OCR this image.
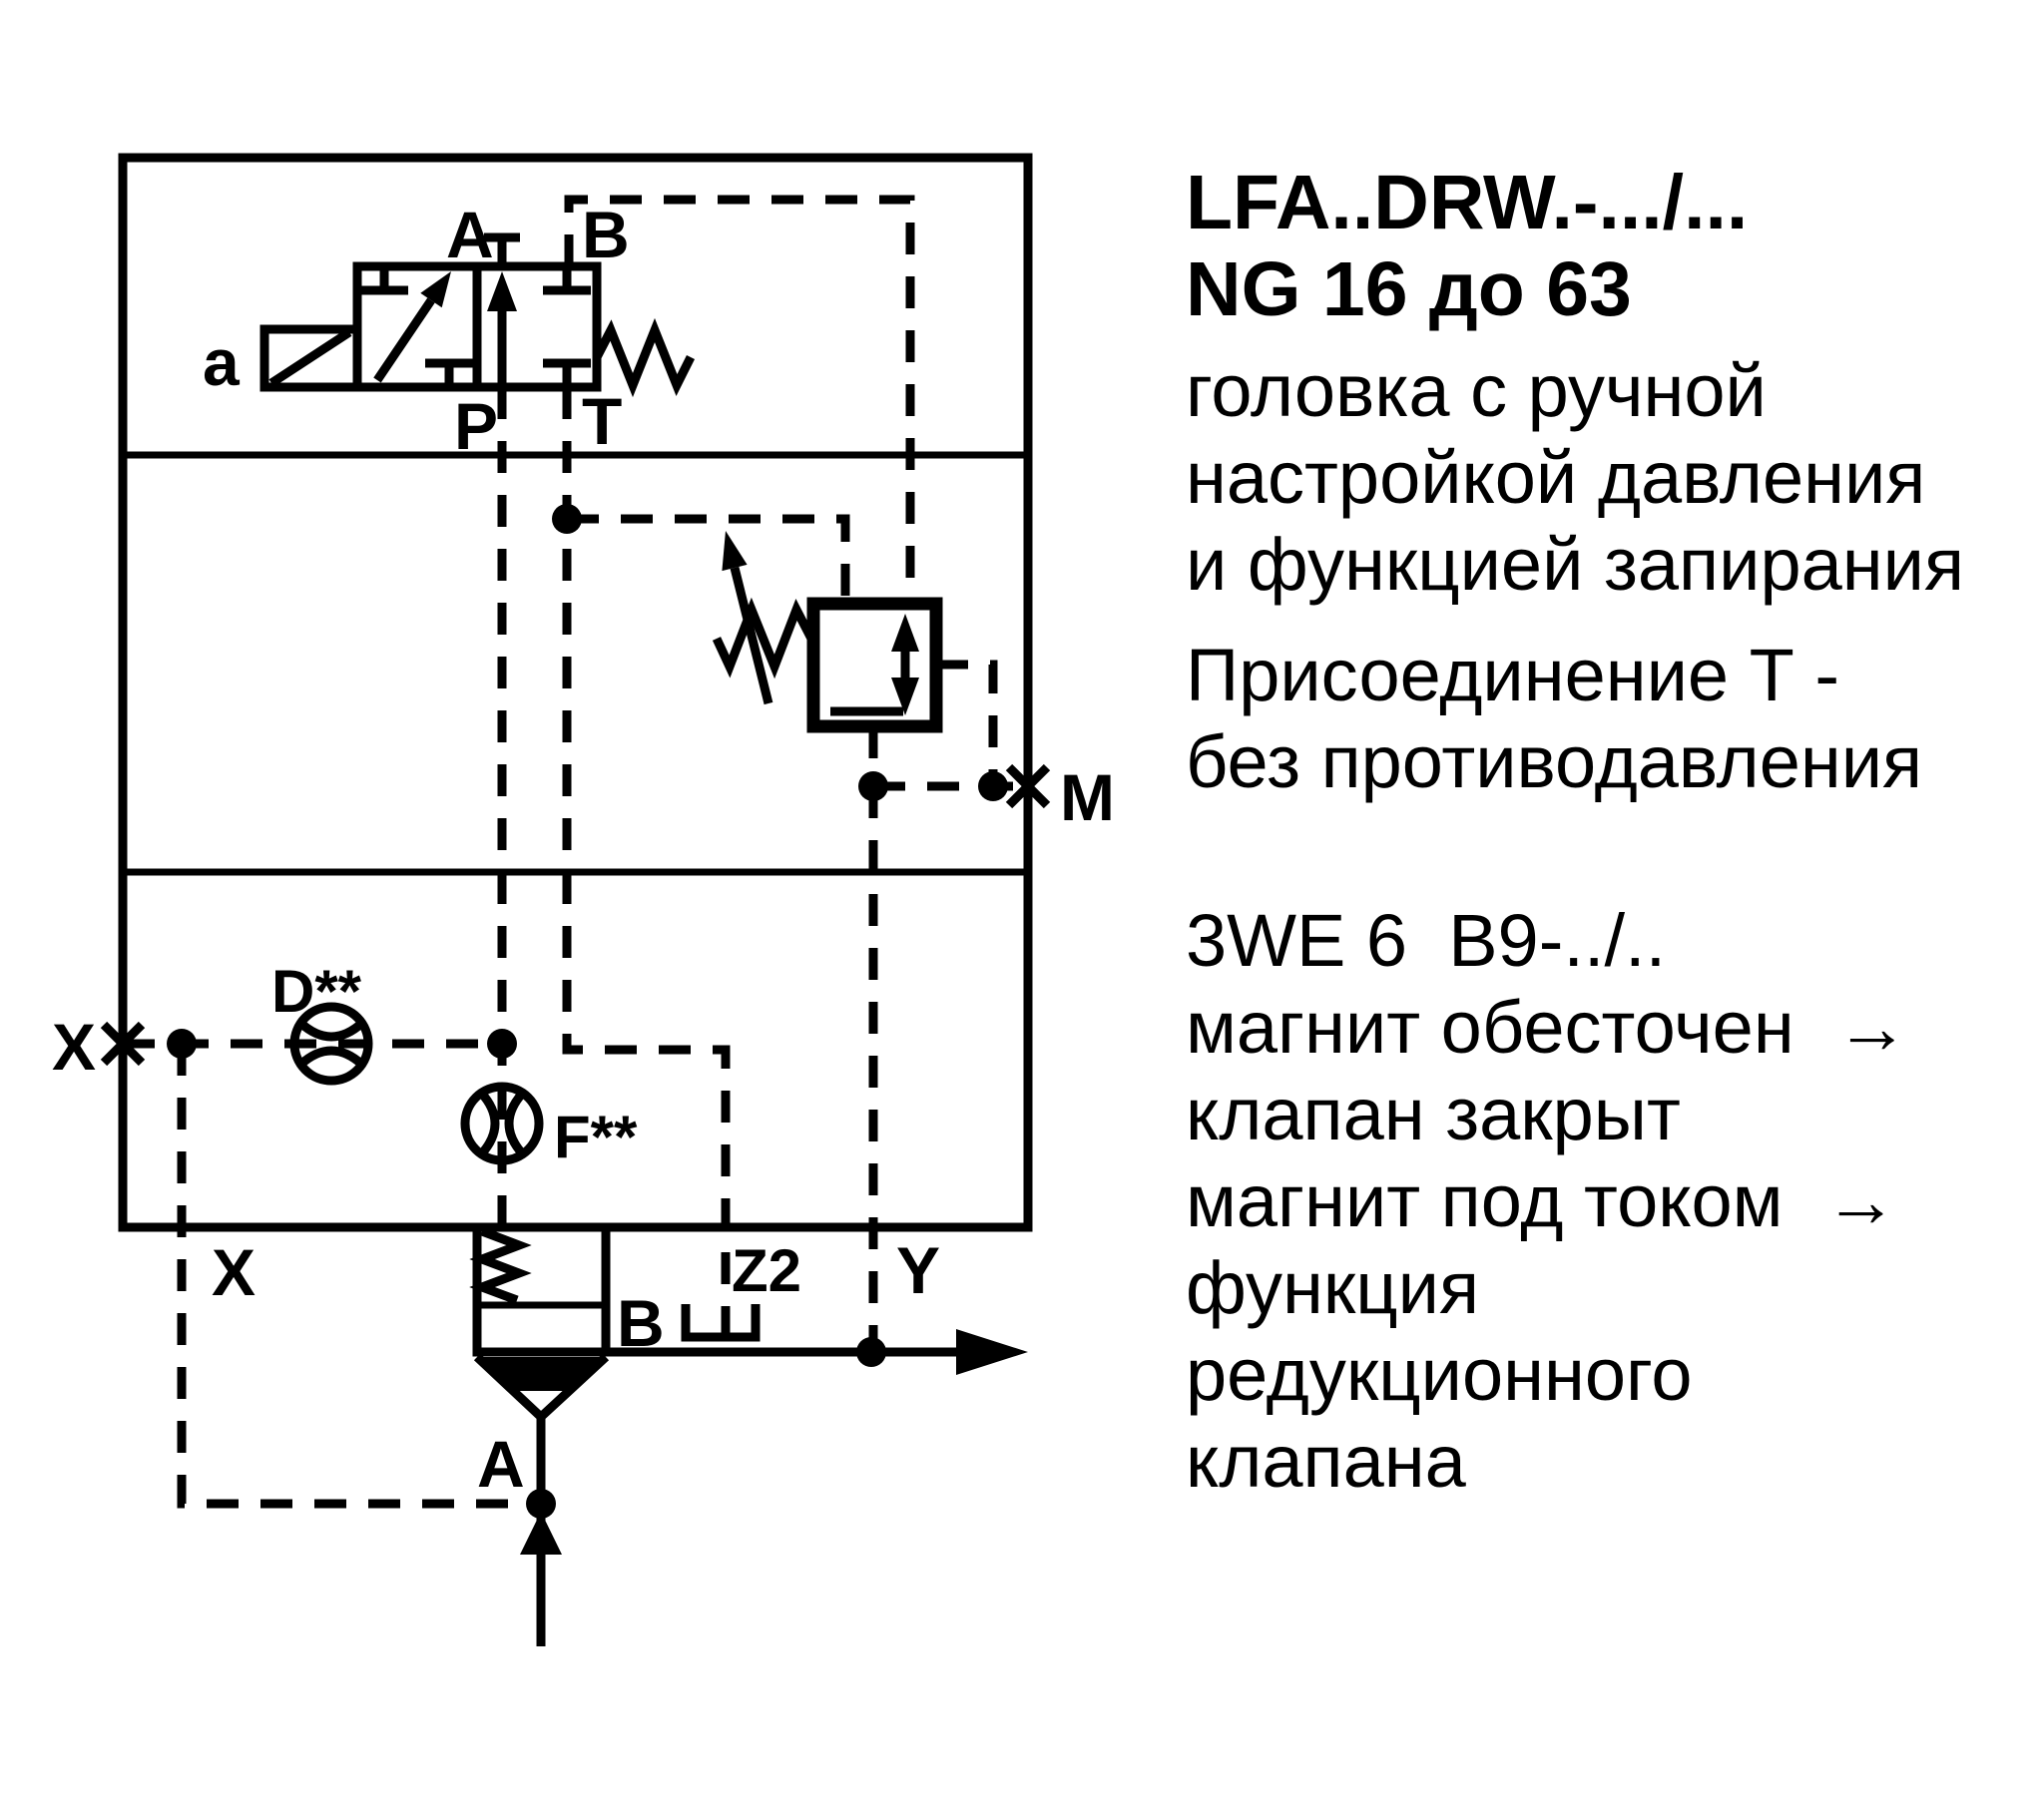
a
A B
P T
D**
F**
X
M
X	Y
Z2
B
A
LFA..DRW.-.../...
NG 16 до 63
головка с ручной
настройкой давления
и функцией запирания
Присоединение Т -
без противодавления
3WE 6  B9-../..
магнит обесточен  →
клапан закрыт
магнит под током  →
функция
редукционного
клапана
